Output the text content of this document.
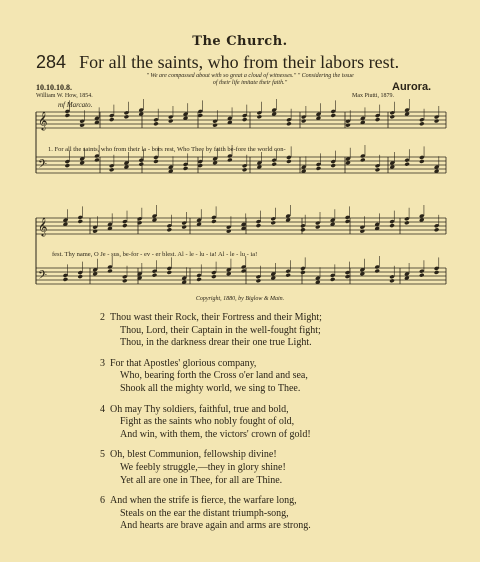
The Church.
284 For all the saints, who from their labors rest.
10.10.10.8.
" We are compassed about with so great a cloud of witnesses." " Considering the issue
of their life imitate their faith."	Aurora.
William W. How, 1854.	Max Piutti, 1879.
mf Marcato.
𝄞
𝄢
𝄞
𝄢
1. For all the saints, who from their la - bors rest, Who Thee by faith be-fore the world con-
fest. Thy name, O Je - sus, be-for - ev - er blest. Al - le - lu - ia! Al - le - lu - ia!
Copyright, 1880, by Biglow & Main.
2 Thou wast their Rock, their Fortress and their Might;
Thou, Lord, their Captain in the well-fought fight;
Thou, in the darkness drear their one true Light.
3 For that Apostles' glorious company,
Who, bearing forth the Cross o'er land and sea,
Shook all the mighty world, we sing to Thee.
4 Oh may Thy soldiers, faithful, true and bold,
Fight as the saints who nobly fought of old,
And win, with them, the victors' crown of gold!
5 Oh, blest Communion, fellowship divine!
We feebly struggle,—they in glory shine!
Yet all are one in Thee, for all are Thine.
6 And when the strife is fierce, the warfare long,
Steals on the ear the distant triumph-song,
And hearts are brave again and arms are strong.
